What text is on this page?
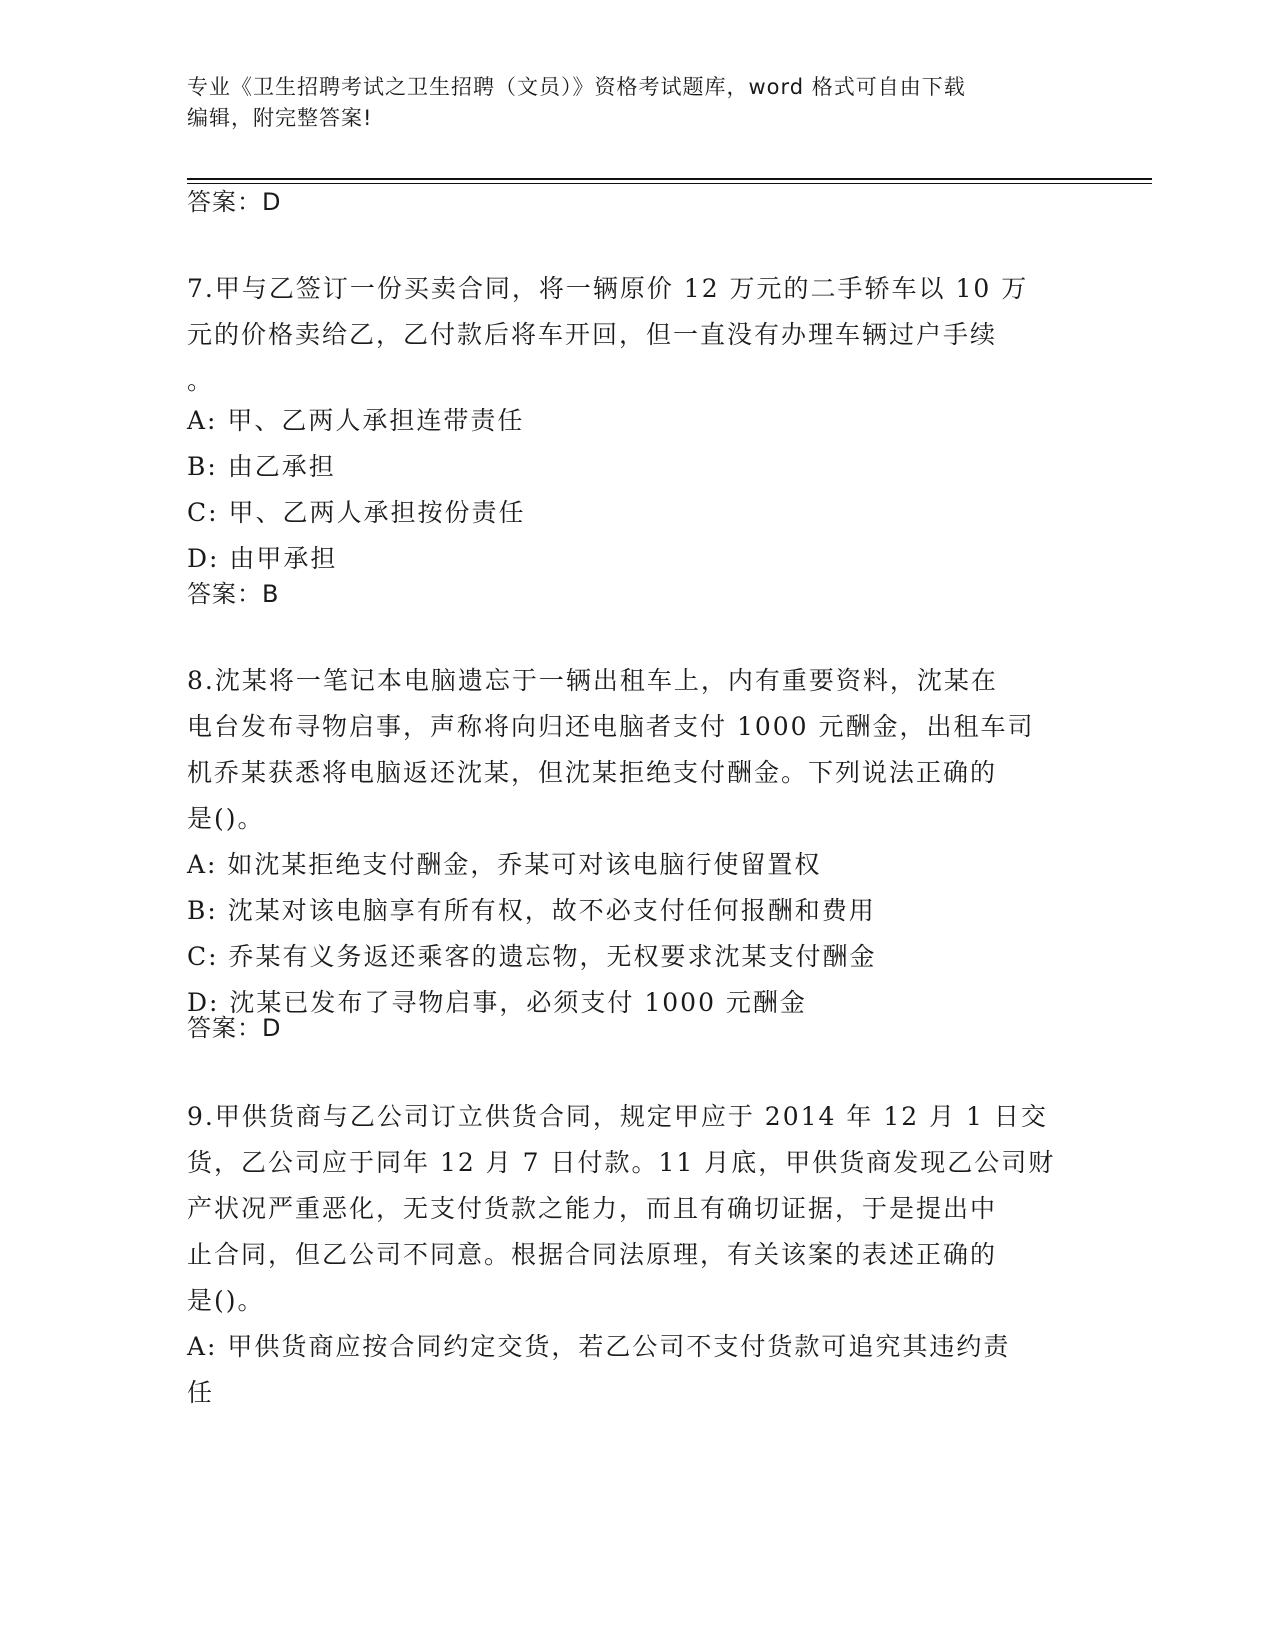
专业《卫生招聘考试之卫生招聘（文员）》资格考试题库，word 格式可自由下载
编辑，附完整答案!
答案：D
7.甲与乙签订一份买卖合同，将一辆原价 12 万元的二手轿车以 10 万
元的价格卖给乙，乙付款后将车开回，但一直没有办理车辆过户手续
。
A: 甲、乙两人承担连带责任
B: 由乙承担
C: 甲、乙两人承担按份责任
D: 由甲承担
答案：B
8.沈某将一笔记本电脑遗忘于一辆出租车上，内有重要资料，沈某在
电台发布寻物启事，声称将向归还电脑者支付 1000 元酬金，出租车司
机乔某获悉将电脑返还沈某，但沈某拒绝支付酬金。下列说法正确的
是()。
A: 如沈某拒绝支付酬金，乔某可对该电脑行使留置权
B: 沈某对该电脑享有所有权，故不必支付任何报酬和费用
C: 乔某有义务返还乘客的遗忘物，无权要求沈某支付酬金
D: 沈某已发布了寻物启事，必须支付 1000 元酬金
答案：D
9.甲供货商与乙公司订立供货合同，规定甲应于 2014 年 12 月 1 日交
货，乙公司应于同年 12 月 7 日付款。11 月底，甲供货商发现乙公司财
产状况严重恶化，无支付货款之能力，而且有确切证据，于是提出中
止合同，但乙公司不同意。根据合同法原理，有关该案的表述正确的
是()。
A: 甲供货商应按合同约定交货，若乙公司不支付货款可追究其违约责
任
